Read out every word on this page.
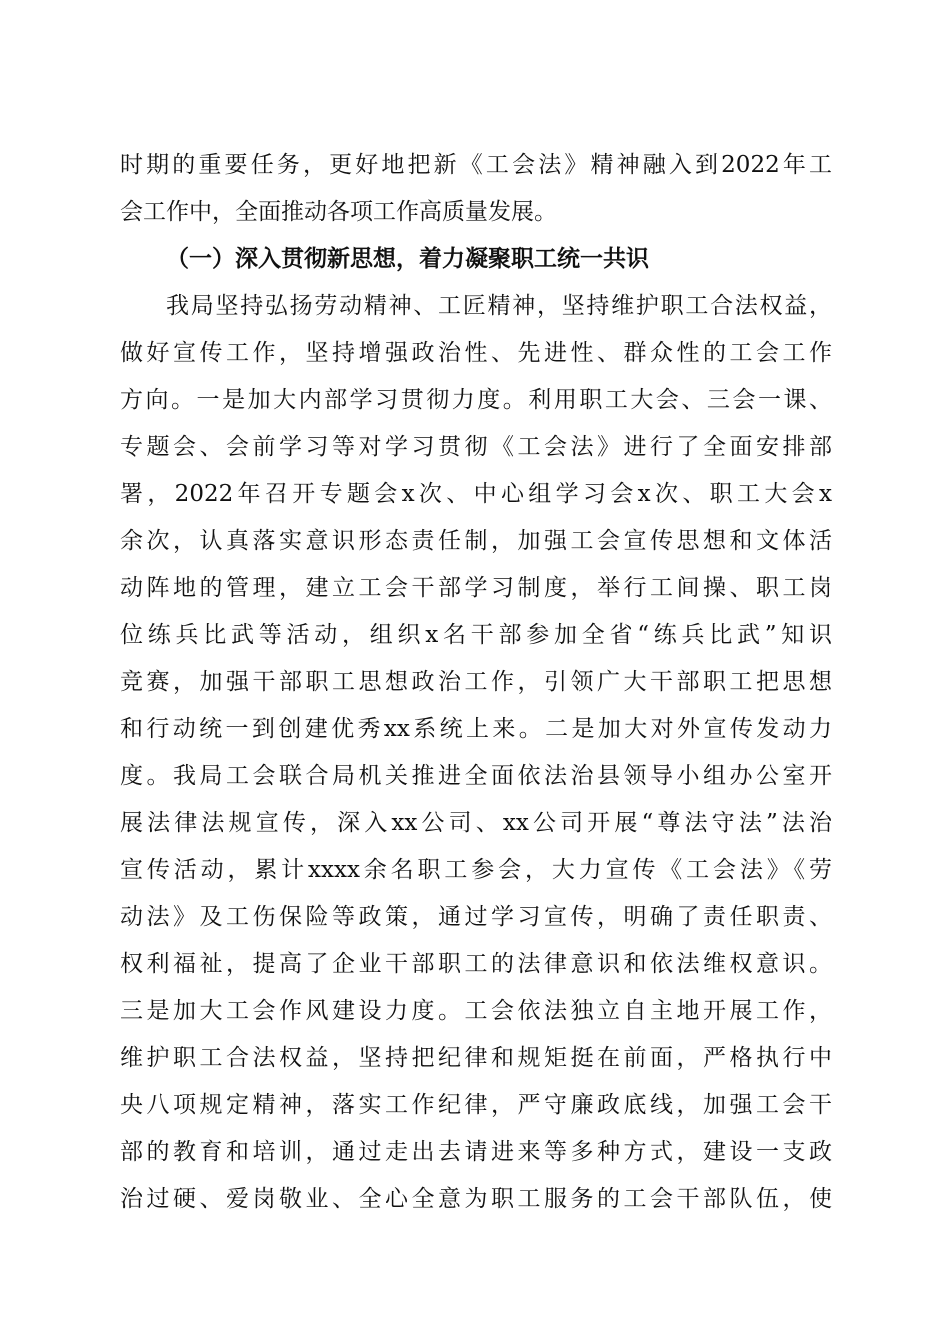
时期的重要任务，更好地把新《工会法》精神融入到2022年工
会工作中，全面推动各项工作高质量发展。
（一）深入贯彻新思想，着力凝聚职工统一共识
我局坚持弘扬劳动精神、工匠精神，坚持维护职工合法权益，
做好宣传工作，坚持增强政治性、先进性、群众性的工会工作
方向。一是加大内部学习贯彻力度。利用职工大会、三会一课、
专题会、会前学习等对学习贯彻《工会法》进行了全面安排部
署，2022年召开专题会x次、中心组学习会x次、职工大会x
余次，认真落实意识形态责任制，加强工会宣传思想和文体活
动阵地的管理，建立工会干部学习制度，举行工间操、职工岗
位练兵比武等活动，组织x名干部参加全省“练兵比武”知识
竞赛，加强干部职工思想政治工作，引领广大干部职工把思想
和行动统一到创建优秀xx系统上来。二是加大对外宣传发动力
度。我局工会联合局机关推进全面依法治县领导小组办公室开
展法律法规宣传，深入xx公司、xx公司开展“尊法守法”法治
宣传活动，累计xxxx余名职工参会，大力宣传《工会法》《劳
动法》及工伤保险等政策，通过学习宣传，明确了责任职责、
权利福祉，提高了企业干部职工的法律意识和依法维权意识。
三是加大工会作风建设力度。工会依法独立自主地开展工作，
维护职工合法权益，坚持把纪律和规矩挺在前面，严格执行中
央八项规定精神，落实工作纪律，严守廉政底线，加强工会干
部的教育和培训，通过走出去请进来等多种方式，建设一支政
治过硬、爱岗敬业、全心全意为职工服务的工会干部队伍，使
